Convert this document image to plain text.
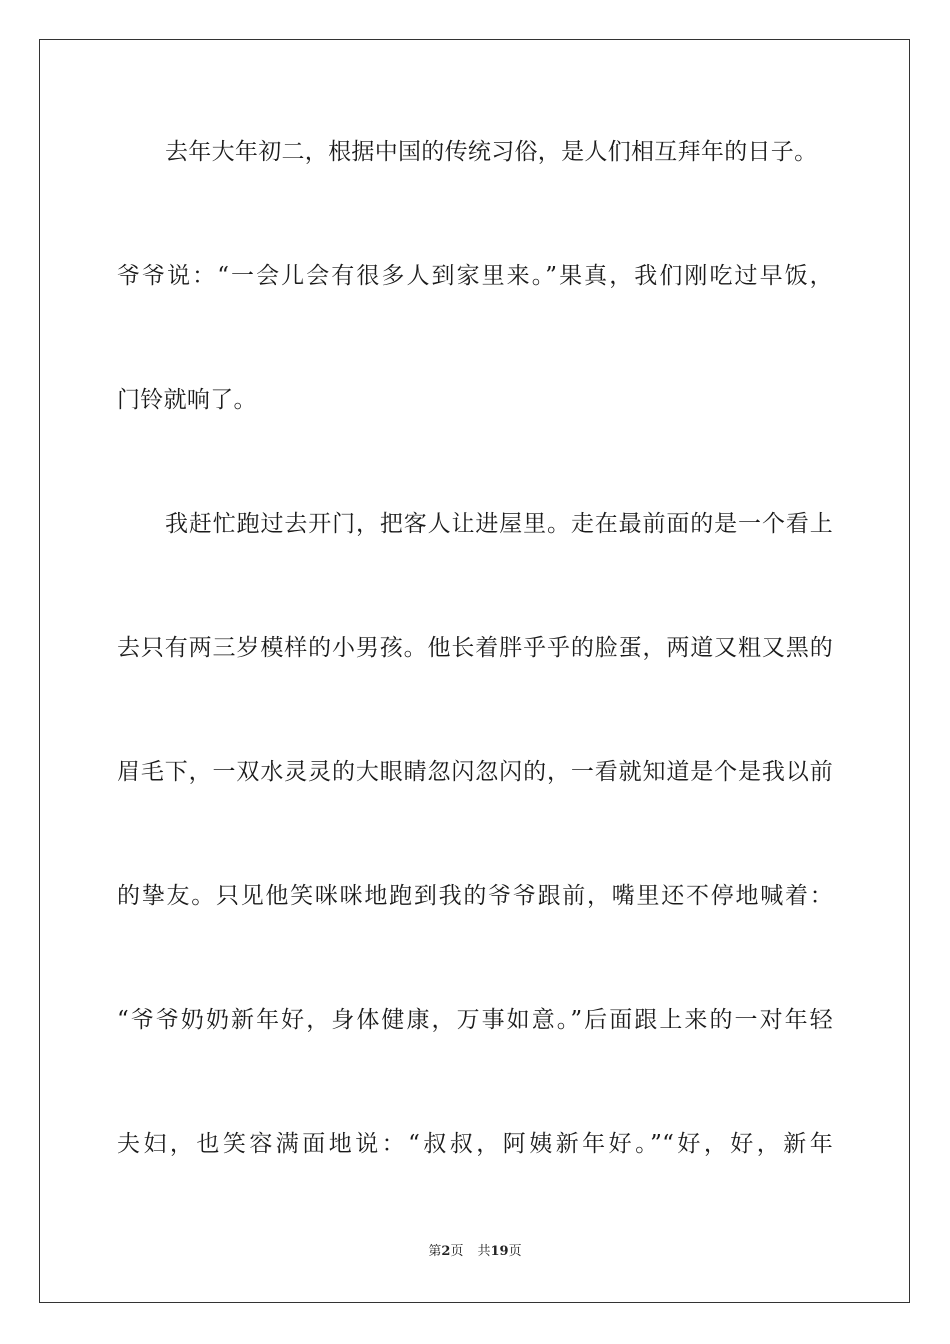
去年大年初二，根据中国的传统习俗，是人们相互拜年的日子。
爷爷说：“一会儿会有很多人到家里来。”果真，我们刚吃过早饭，
门铃就响了。
我赶忙跑过去开门，把客人让进屋里。走在最前面的是一个看上
去只有两三岁模样的小男孩。他长着胖乎乎的脸蛋，两道又粗又黑的
眉毛下，一双水灵灵的大眼睛忽闪忽闪的，一看就知道是个是我以前
的挚友。只见他笑咪咪地跑到我的爷爷跟前，嘴里还不停地喊着：
“爷爷奶奶新年好，身体健康，万事如意。”后面跟上来的一对年轻
夫妇，也笑容满面地说：“叔叔，阿姨新年好。”“好，好，新年
第2页 共19页
